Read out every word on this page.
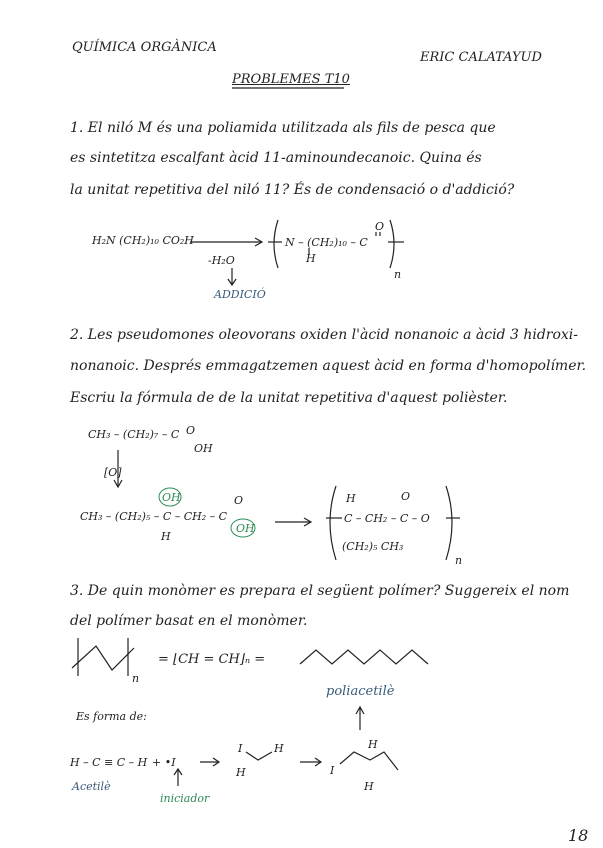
QUÍMICA ORGÀNICA
ERIC CALATAYUD
PROBLEMES T10
1. El niló M és una poliamida utilitzada als fils de pesca que
es sintetitza escalfant àcid 11-aminoundecanoic. Quina és
la unitat repetitiva del niló 11? És de condensació o d'addició?
H₂N (CH₂)₁₀ CO₂H
-H₂O
N – (CH₂)₁₀ – C
H
O
n
ADDICIÓ
2. Les pseudomones oleovorans oxiden l'àcid nonanoic a àcid 3 hidroxi-
nonanoic. Després emmagatzemen aquest àcid en forma d'homopolímer.
Escriu la fórmula de de la unitat repetitiva d'aquest polièster.
CH₃ – (CH₂)₇ – C O
OH
[O]
CH₃ – (CH₂)₅ – C – CH₂ – C
OH
H
O
OH
C – CH₂ – C – O
H	O
(CH₂)₅ CH₃
n
3. De quin monòmer es prepara el següent polímer? Suggereix el nom
del polímer basat en el monòmer.
= ⌊CH = CH⌋ₙ =
n
poliacetilè
Es forma de:
H – C ≡ C – H + •I
Acetilè
iniciador
I	H
H	I
H
H
18
